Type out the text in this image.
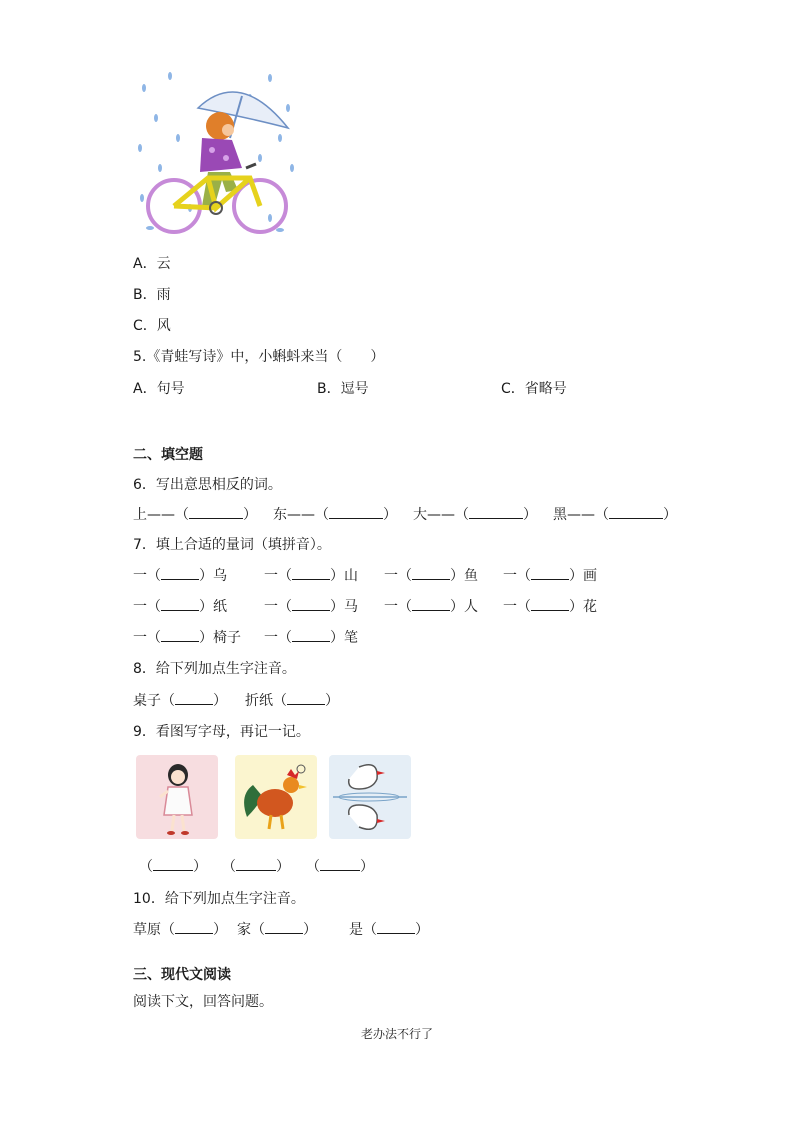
A．云
B．雨
C．风
5.《青蛙写诗》中，小蝌蚪来当（　　）
A．句号	B．逗号	C．省略号
二、填空题
6．写出意思相反的词。
上——（	） 东——（	） 大——（	） 黑——（	）
7．填上合适的量词（填拼音）。
一（	）乌	一（	）山 一（	）鱼 一（	）画
一（	）纸	一（	）马 一（	）人 一（	）花
一（	）椅子 一（	）笔
8．给下列加点生字注音。
桌子（	） 折纸（	）
9．看图写字母，再记一记。
（	） （	） （	）
10．给下列加点生字注音。
草原（	） 家（	） 是（	）
三、现代文阅读
阅读下文，回答问题。
老办法不行了
